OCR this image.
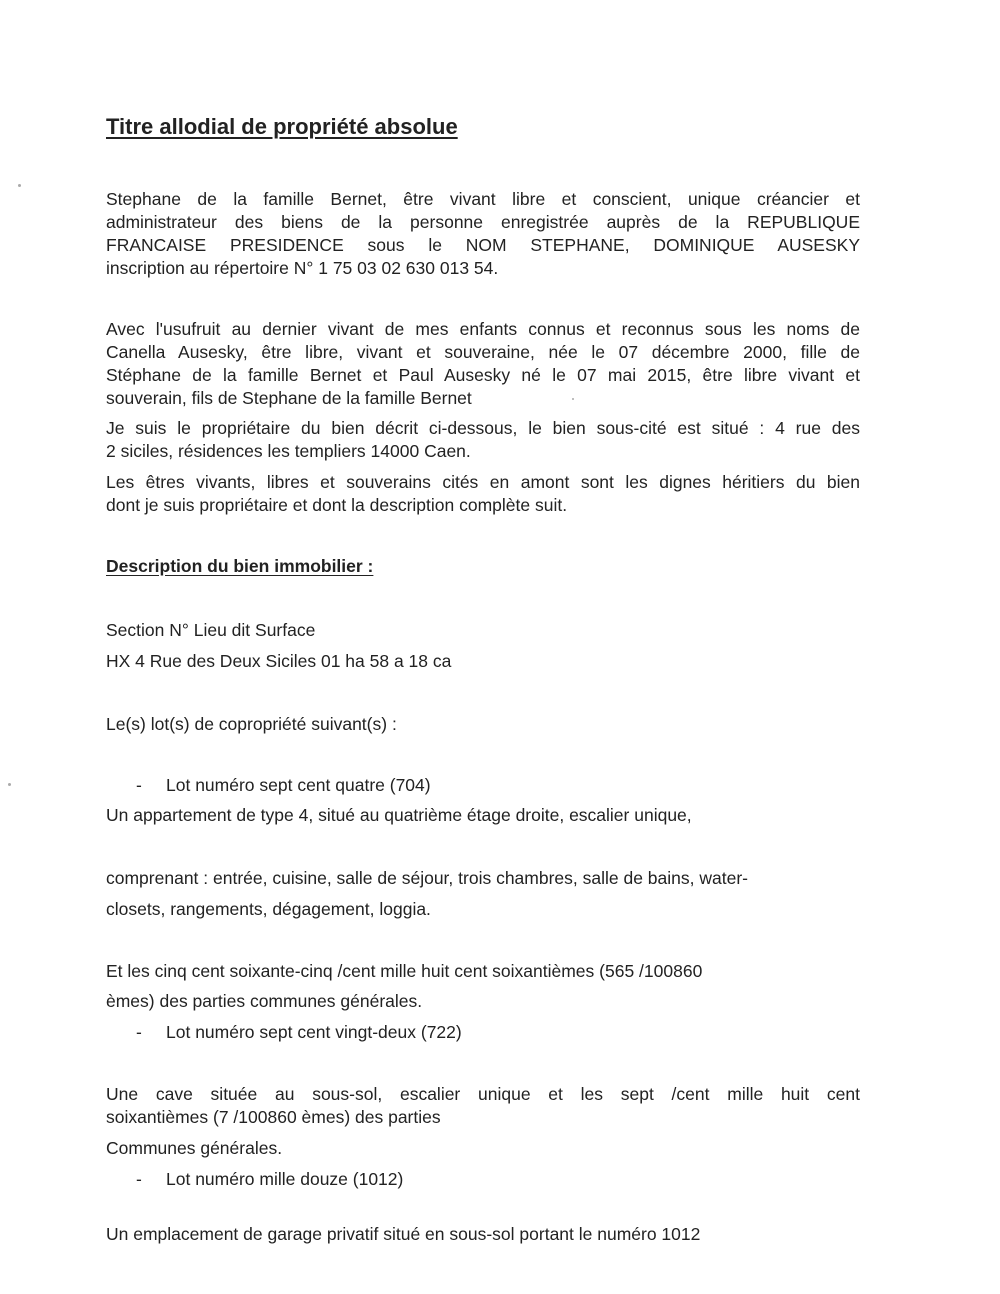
Titre allodial de propriété absolue

Stephane de la famille Bernet, être vivant libre et conscient, unique créancier et

administrateur des biens de la personne enregistrée auprès de la REPUBLIQUE

FRANCAISE PRESIDENCE sous le NOM STEPHANE, DOMINIQUE AUSESKY

inscription au répertoire N° 1 75 03 02 630 013 54.

Avec l'usufruit au dernier vivant de mes enfants connus et reconnus sous les noms de

Canella Ausesky, être libre, vivant et souveraine, née le 07 décembre 2000, fille de

Stéphane de la famille Bernet et Paul Ausesky né le 07 mai 2015, être libre vivant et

souverain, fils de Stephane de la famille Bernet

Je suis le propriétaire du bien décrit ci-dessous, le bien sous-cité est situé : 4 rue des

2 siciles, résidences les templiers 14000 Caen.

Les êtres vivants, libres et souverains cités en amont sont les dignes héritiers du bien

dont je suis propriétaire et dont la description complète suit.

Description du bien immobilier :

Section N° Lieu dit Surface

HX 4 Rue des Deux Siciles 01 ha 58 a 18 ca

Le(s) lot(s) de copropriété suivant(s) :

- Lot numéro sept cent quatre (704)

Un appartement de type 4, situé au quatrième étage droite, escalier unique,

comprenant : entrée, cuisine, salle de séjour, trois chambres, salle de bains, water-

closets, rangements, dégagement, loggia.

Et les cinq cent soixante-cinq /cent mille huit cent soixantièmes (565 /100860

èmes) des parties communes générales.

- Lot numéro sept cent vingt-deux (722)

Une cave située au sous-sol, escalier unique et les sept /cent mille huit cent

soixantièmes (7 /100860 èmes) des parties

Communes générales.

- Lot numéro mille douze (1012)

Un emplacement de garage privatif situé en sous-sol portant le numéro 1012
